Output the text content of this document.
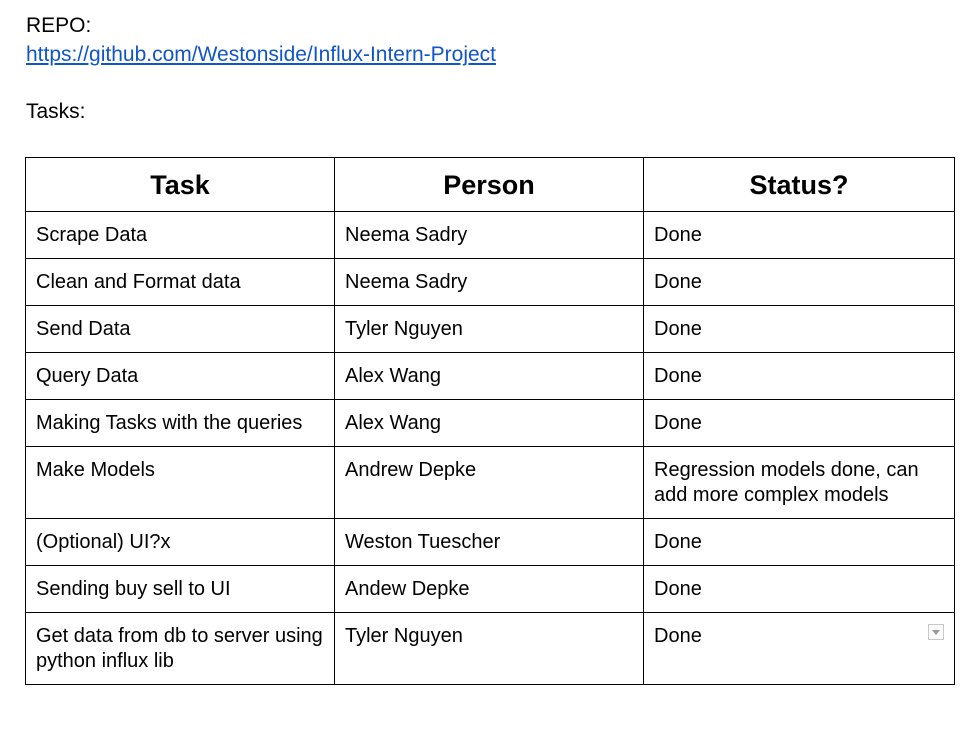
REPO:
https://github.com/Westonside/Influx-Intern-Project
Tasks:
Task	Person	Status?
Scrape Data	Neema Sadry	Done
Clean and Format data	Neema Sadry	Done
Send Data	Tyler Nguyen	Done
Query Data	Alex Wang	Done
Making Tasks with the queries	Alex Wang	Done
Make Models	Andrew Depke	Regression models done, can add more complex models
(Optional) UI?x	Weston Tuescher	Done
Sending buy sell to UI	Andew Depke	Done
Get data from db to server using python influx lib	Tyler Nguyen	Done
